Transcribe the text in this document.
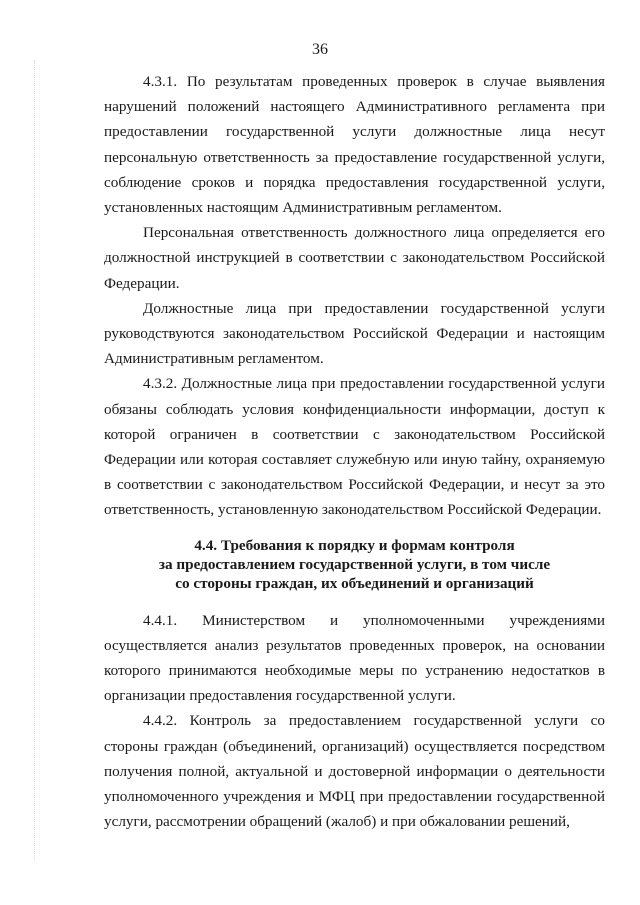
36

4.3.1. По результатам проведенных проверок в случае выявления нарушений положений настоящего Административного регламента при предоставлении государственной услуги должностные лица несут персональную ответственность за предоставление государственной услуги, соблюдение сроков и порядка предоставления государственной услуги, установленных настоящим Административным регламентом.

Персональная ответственность должностного лица определяется его должностной инструкцией в соответствии с законодательством Российской Федерации.

Должностные лица при предоставлении государственной услуги руководствуются законодательством Российской Федерации и настоящим Административным регламентом.

4.3.2. Должностные лица при предоставлении государственной услуги обязаны соблюдать условия конфиденциальности информации, доступ к которой ограничен в соответствии с законодательством Российской Федерации или которая составляет служебную или иную тайну, охраняемую в соответствии с законодательством Российской Федерации, и несут за это ответственность, установленную законодательством Российской Федерации.

4.4. Требования к порядку и формам контроля
за предоставлением государственной услуги, в том числе
со стороны граждан, их объединений и организаций

4.4.1. Министерством и уполномоченными учреждениями осуществляется анализ результатов проведенных проверок, на основании которого принимаются необходимые меры по устранению недостатков в организации предоставления государственной услуги.

4.4.2. Контроль за предоставлением государственной услуги со стороны граждан (объединений, организаций) осуществляется посредством получения полной, актуальной и достоверной информации о деятельности уполномоченного учреждения и МФЦ при предоставлении государственной услуги, рассмотрении обращений (жалоб) и при обжаловании решений,
